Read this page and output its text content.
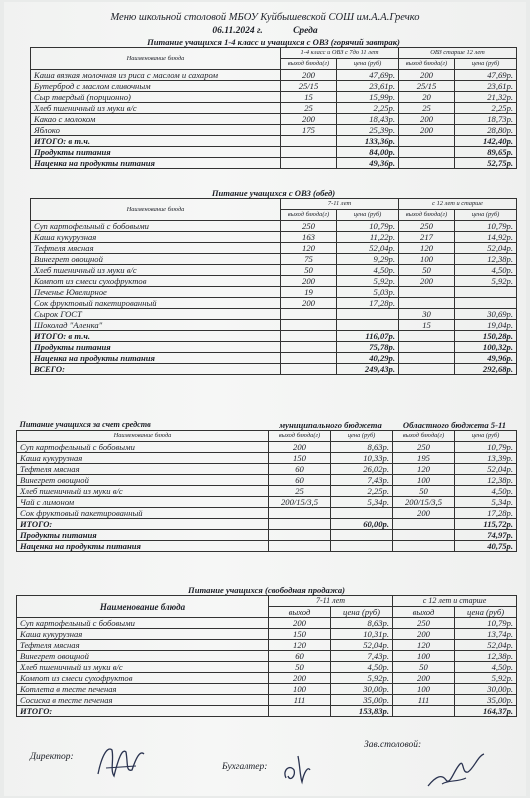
Меню школьной столовой МБОУ Куйбышевской СОШ им.А.А.Гречко
06.11.2024 г.	Среда
Питание учащихся 1-4 класс и учащихся с ОВЗ (горячий завтрак)				
Наименование блюда	1-4 класс и ОВЗ с 7до 11 лет		ОВЗ старше 12 лет	
	выход блюда(г)	цена (руб)	выход блюда(г)	цена (руб)
Каша вязкая молочная из риса с маслом и сахаром	200	47,69р.	200	47,69р.
Бутерброд с маслом сливочным	25/15	23,61р.	25/15	23,61р.
Сыр твердый (порционно)	15	15,99р.	20	21,32р.
Хлеб пшеничный из муки в/с	25	2,25р.	25	2,25р.
Какао с молоком	200	18,43р.	200	18,73р.
Яблоко	175	25,39р.	200	28,80р.
ИТОГО: в т.ч.		133,36р.		142,40р.
Продукты питания		84,00р.		89,65р.
Наценка на продукты питания		49,36р.		52,75р.
Питание учащихся с ОВЗ (обед)				
Наименование блюда	7-11 лет		с 12 лет и старше	
	выход блюда(г)	цена (руб)	выход блюда(г)	цена (руб)
Суп картофельный с бобовыми	250	10,79р.	250	10,79р.
Каша кукурузная	163	11,22р.	217	14,92р.
Тефтеля мясная	120	52,04р.	120	52,04р.
Винегрет овощной	75	9,29р.	100	12,38р.
Хлеб пшеничный из муки в/с	50	4,50р.	50	4,50р.
Компот из смеси сухофруктов	200	5,92р.	200	5,92р.
Печенье Ювелирное	19	5,03р.		
Сок фруктовый пакетированный	200	17,28р.		
Сырок ГОСТ			30	30,69р.
Шоколад "Аленка"			15	19,04р.
ИТОГО: в т.ч.		116,07р.		150,28р.
Продукты питания		75,78р.		100,32р.
Наценка на продукты питания		40,29р.		49,96р.
ВСЕГО:		249,43р.		292,68р.
Питание учащихся за счет средств	муниципального бюджета		Областного бюджета 5-11	
Наименование блюда	выход блюда(г)	цена (руб)	выход блюда(г)	цена (руб)
Суп картофельный с бобовыми	200	8,63р.	250	10,79р.
Каша кукурузная	150	10,33р.	195	13,39р.
Тефтеля мясная	60	26,02р.	120	52,04р.
Винегрет овощной	60	7,43р.	100	12,38р.
Хлеб пшеничный из муки в/с	25	2,25р.	50	4,50р.
Чай с лимоном	200/15/3,5	5,34р.	200/15/3,5	5,34р.
Сок фруктовый пакетированный			200	17,28р.
ИТОГО:		60,00р.		115,72р.
Продукты питания				74,97р.
Наценка на продукты питания				40,75р.
Питание учащихся (свободная продажа)				
Наименование блюда	7-11 лет		с 12 лет и старше	
	выход	цена (руб)	выход	цена (руб)
Суп картофельный с бобовыми	200	8,63р.	250	10,79р.
Каша кукурузная	150	10,31р.	200	13,74р.
Тефтеля мясная	120	52,04р.	120	52,04р.
Винегрет овощной	60	7,43р.	100	12,38р.
Хлеб пшеничный из муки в/с	50	4,50р.	50	4,50р.
Компот из смеси сухофруктов	200	5,92р.	200	5,92р.
Котлета в тесте печеная	100	30,00р.	100	30,00р.
Сосиска в тесте печеная	111	35,00р.	111	35,00р.
ИТОГО:		153,83р.		164,37р.
Директор:
Бухгалтер:
Зав.столовой:
